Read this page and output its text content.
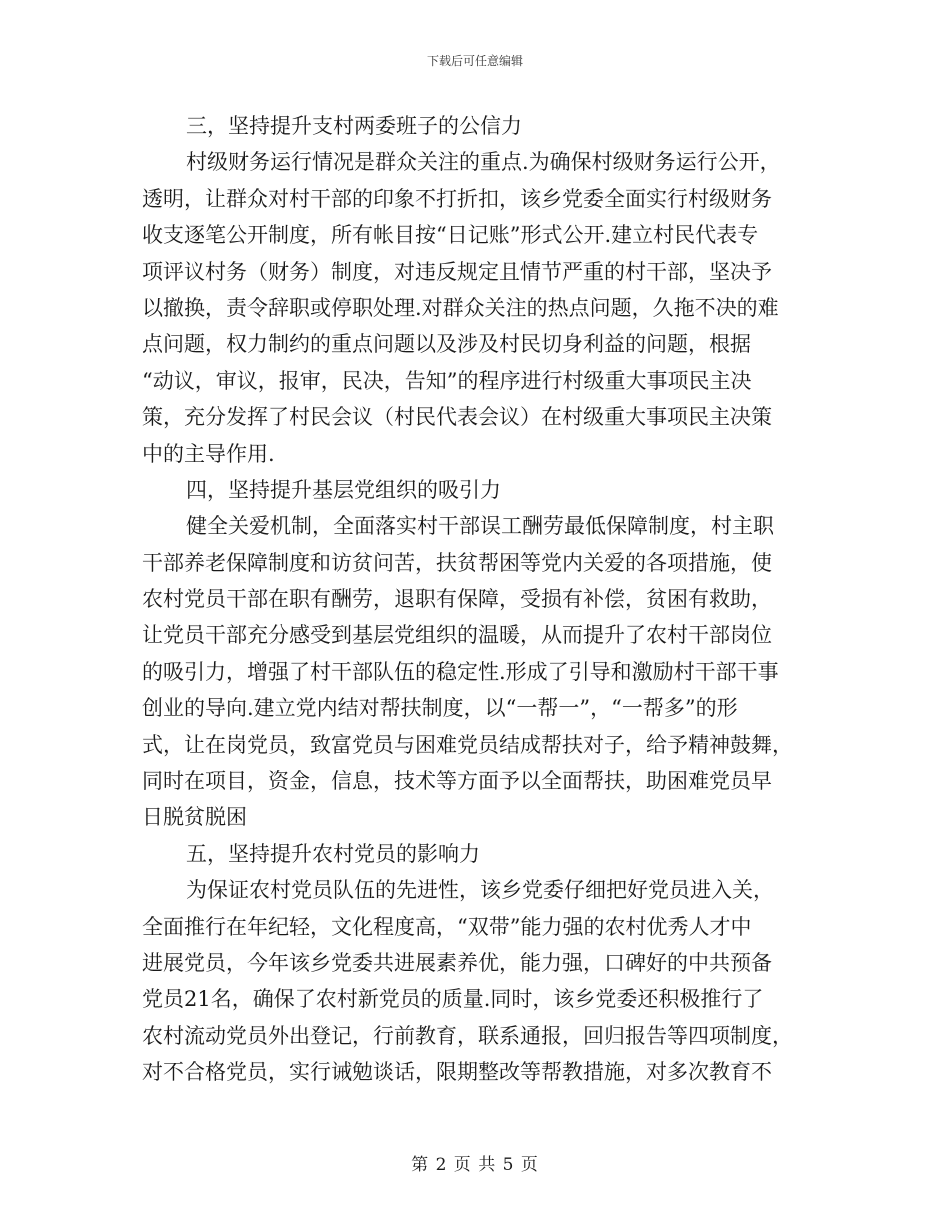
下载后可任意编辑
三，坚持提升支村两委班子的公信力
村级财务运行情况是群众关注的重点.为确保村级财务运行公开，
透明，让群众对村干部的印象不打折扣，该乡党委全面实行村级财务
收支逐笔公开制度，所有帐目按“日记账”形式公开.建立村民代表专
项评议村务（财务）制度，对违反规定且情节严重的村干部，坚决予
以撤换，责令辞职或停职处理.对群众关注的热点问题，久拖不决的难
点问题，权力制约的重点问题以及涉及村民切身利益的问题，根据
“动议，审议，报审，民决，告知”的程序进行村级重大事项民主决
策，充分发挥了村民会议（村民代表会议）在村级重大事项民主决策
中的主导作用.
四，坚持提升基层党组织的吸引力
健全关爱机制，全面落实村干部误工酬劳最低保障制度，村主职
干部养老保障制度和访贫问苦，扶贫帮困等党内关爱的各项措施，使
农村党员干部在职有酬劳，退职有保障，受损有补偿，贫困有救助，
让党员干部充分感受到基层党组织的温暖，从而提升了农村干部岗位
的吸引力，增强了村干部队伍的稳定性.形成了引导和激励村干部干事
创业的导向.建立党内结对帮扶制度，以“一帮一”，“一帮多”的形
式，让在岗党员，致富党员与困难党员结成帮扶对子，给予精神鼓舞，
同时在项目，资金，信息，技术等方面予以全面帮扶，助困难党员早
日脱贫脱困
五，坚持提升农村党员的影响力
为保证农村党员队伍的先进性，该乡党委仔细把好党员进入关，
全面推行在年纪轻，文化程度高，“双带”能力强的农村优秀人才中
进展党员，今年该乡党委共进展素养优，能力强，口碑好的中共预备
党员21名，确保了农村新党员的质量.同时，该乡党委还积极推行了
农村流动党员外出登记，行前教育，联系通报，回归报告等四项制度，
对不合格党员，实行诫勉谈话，限期整改等帮教措施，对多次教育不
第 2 页 共 5 页
